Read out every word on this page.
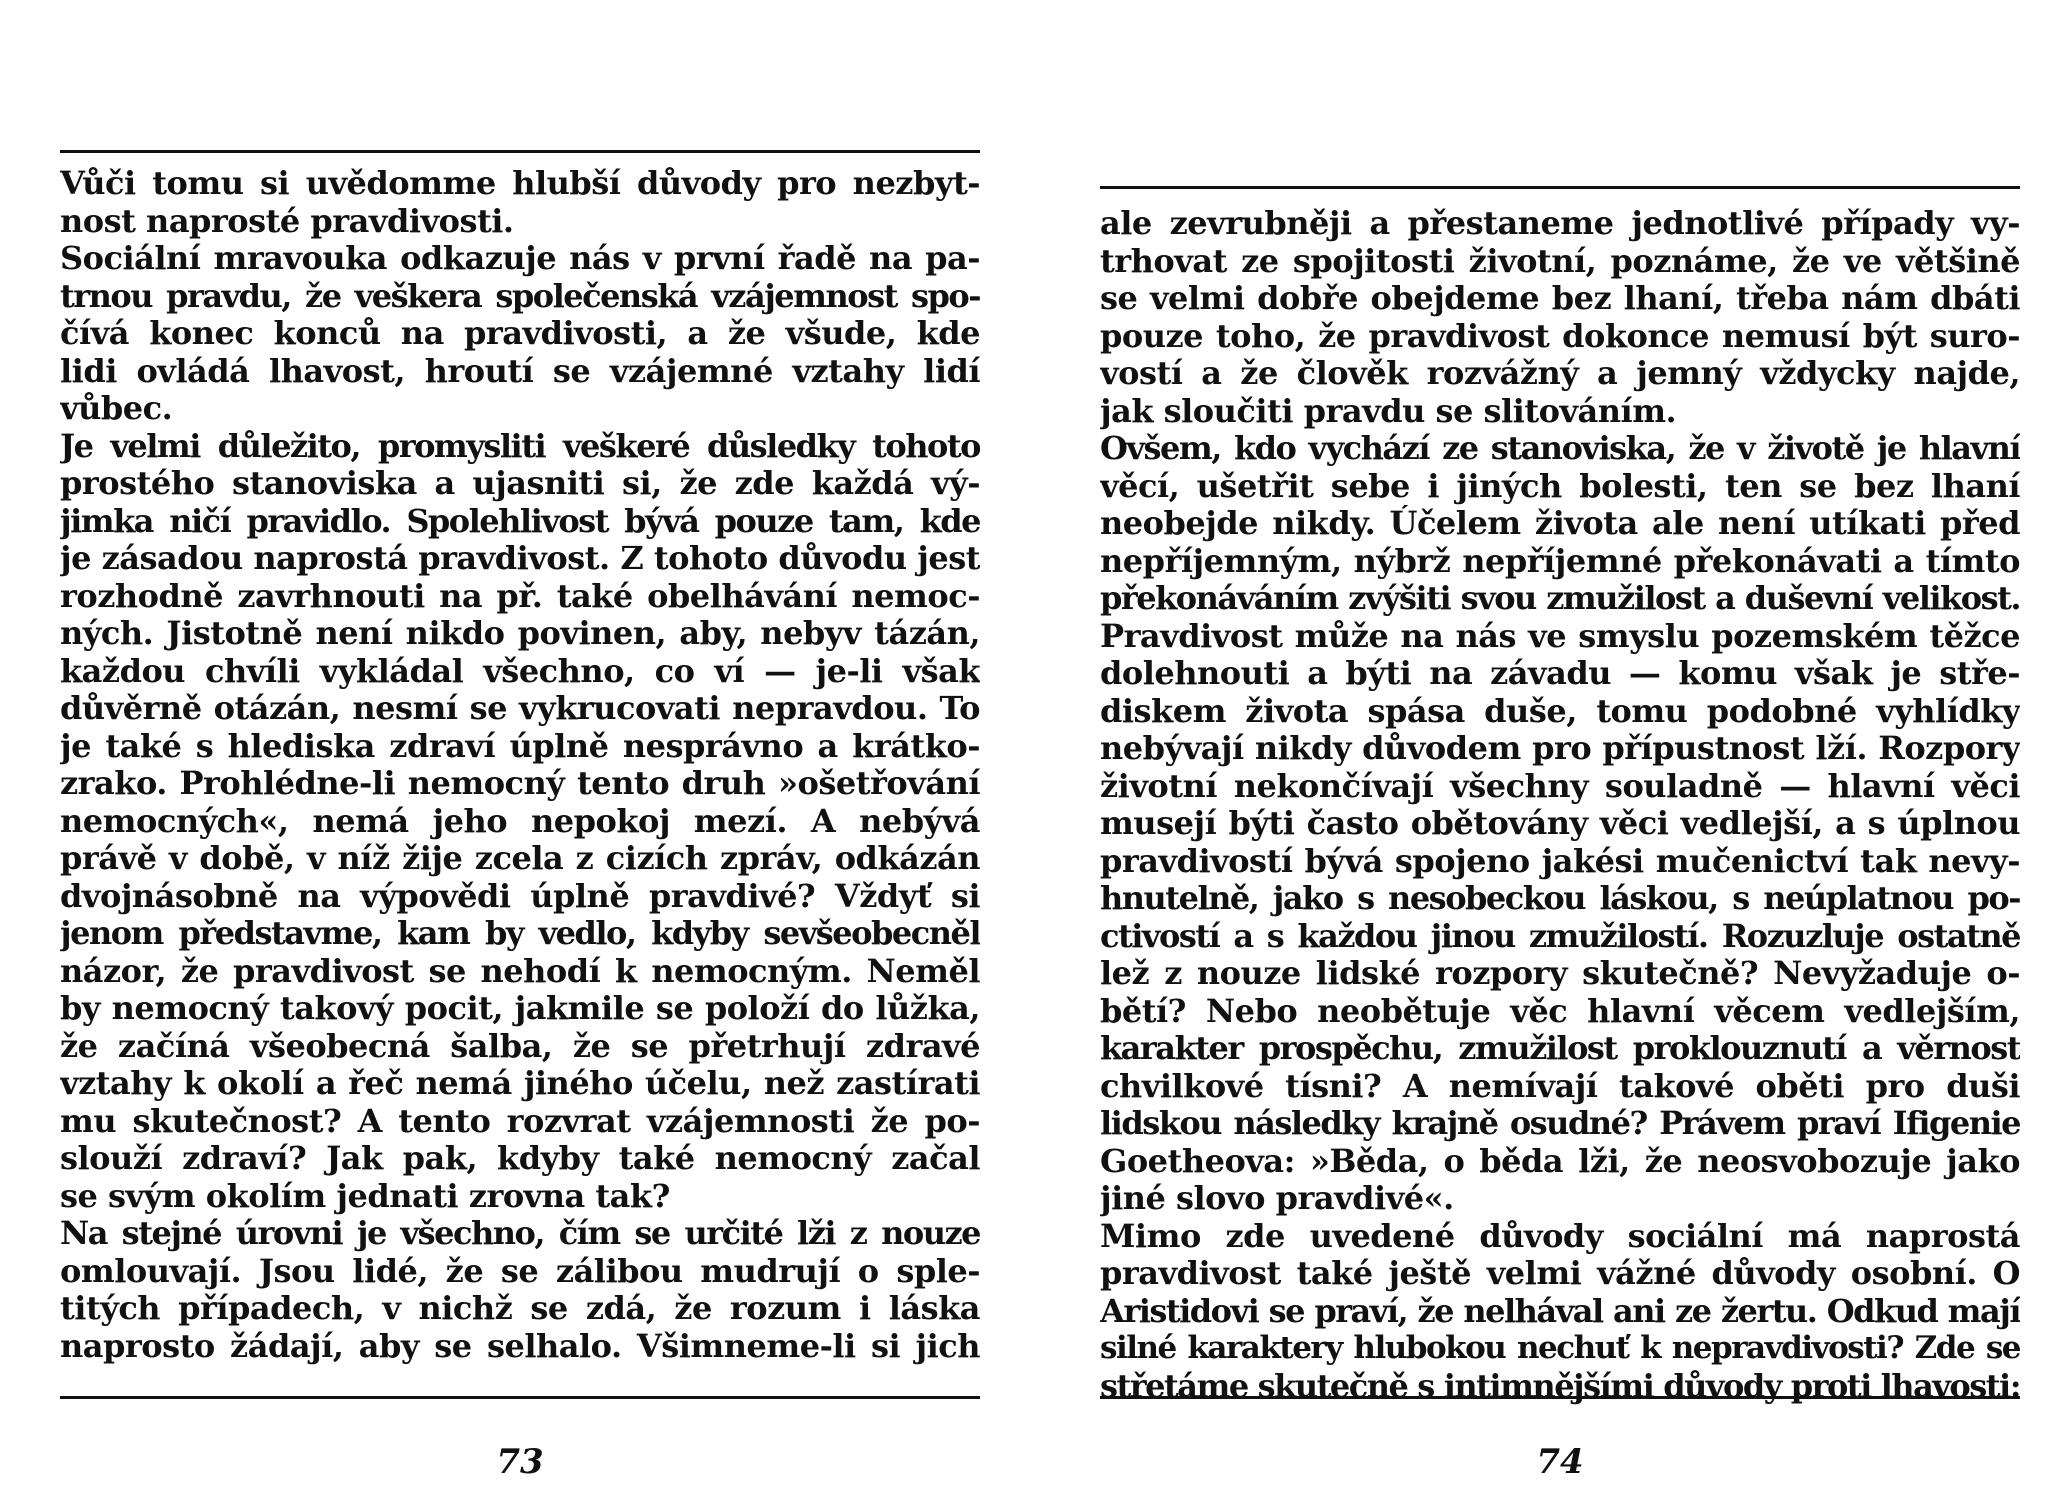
Vůči tomu si uvědomme hlubší důvody pro nezbyt-
nost naprosté pravdivosti.
Sociální mravouka odkazuje nás v první řadě na pa-
trnou pravdu, že veškera společenská vzájemnost spo-
čívá konec konců na pravdivosti, a že všude, kde
lidi ovládá lhavost, hroutí se vzájemné vztahy lidí
vůbec.
Je velmi důležito, promysliti veškeré důsledky tohoto
prostého stanoviska a ujasniti si, že zde každá vý-
jimka ničí pravidlo. Spolehlivost bývá pouze tam, kde
je zásadou naprostá pravdivost. Z tohoto důvodu jest
rozhodně zavrhnouti na př. také obelhávání nemoc-
ných. Jistotně není nikdo povinen, aby, nebyv tázán,
každou chvíli vykládal všechno, co ví — je-li však
důvěrně otázán, nesmí se vykrucovati nepravdou. To
je také s hlediska zdraví úplně nesprávno a krátko-
zrako. Prohlédne-li nemocný tento druh »ošetřování
nemocných«, nemá jeho nepokoj mezí. A nebývá
právě v době, v níž žije zcela z cizích zpráv, odkázán
dvojnásobně na výpovědi úplně pravdivé? Vždyť si
jenom představme, kam by vedlo, kdyby sevšeobecněl
názor, že pravdivost se nehodí k nemocným. Neměl
by nemocný takový pocit, jakmile se položí do lůžka,
že začíná všeobecná šalba, že se přetrhují zdravé
vztahy k okolí a řeč nemá jiného účelu, než zastírati
mu skutečnost? A tento rozvrat vzájemnosti že po-
slouží zdraví? Jak pak, kdyby také nemocný začal
se svým okolím jednati zrovna tak?
Na stejné úrovni je všechno, čím se určité lži z nouze
omlouvají. Jsou lidé, že se zálibou mudrují o sple-
titých případech, v nichž se zdá, že rozum i láska
naprosto žádají, aby se selhalo. Všimneme-li si jich
73
ale zevrubněji a přestaneme jednotlivé případy vy-
trhovat ze spojitosti životní, poznáme, že ve většině
se velmi dobře obejdeme bez lhaní, třeba nám dbáti
pouze toho, že pravdivost dokonce nemusí být suro-
vostí a že člověk rozvážný a jemný vždycky najde,
jak sloučiti pravdu se slitováním.
Ovšem, kdo vychází ze stanoviska, že v životě je hlavní
věcí, ušetřit sebe i jiných bolesti, ten se bez lhaní
neobejde nikdy. Účelem života ale není utíkati před
nepříjemným, nýbrž nepříjemné překonávati a tímto
překonáváním zvýšiti svou zmužilost a duševní velikost.
Pravdivost může na nás ve smyslu pozemském těžce
dolehnouti a býti na závadu — komu však je stře-
diskem života spása duše, tomu podobné vyhlídky
nebývají nikdy důvodem pro přípustnost lží. Rozpory
životní nekončívají všechny souladně — hlavní věci
musejí býti často obětovány věci vedlejší, a s úplnou
pravdivostí bývá spojeno jakési mučenictví tak nevy-
hnutelně, jako s nesobeckou láskou, s neúplatnou po-
ctivostí a s každou jinou zmužilostí. Rozuzluje ostatně
lež z nouze lidské rozpory skutečně? Nevyžaduje o-
bětí? Nebo neobětuje věc hlavní věcem vedlejším,
karakter prospěchu, zmužilost proklouznutí a věrnost
chvilkové tísni? A nemívají takové oběti pro duši
lidskou následky krajně osudné? Právem praví Ifigenie
Goetheova: »Běda, o běda lži, že neosvobozuje jako
jiné slovo pravdivé«.
Mimo zde uvedené důvody sociální má naprostá
pravdivost také ještě velmi vážné důvody osobní. O
Aristidovi se praví, že nelhával ani ze žertu. Odkud mají
silné karaktery hlubokou nechuť k nepravdivosti? Zde se
střetáme skutečně s intimnějšími důvody proti lhavosti:
74
